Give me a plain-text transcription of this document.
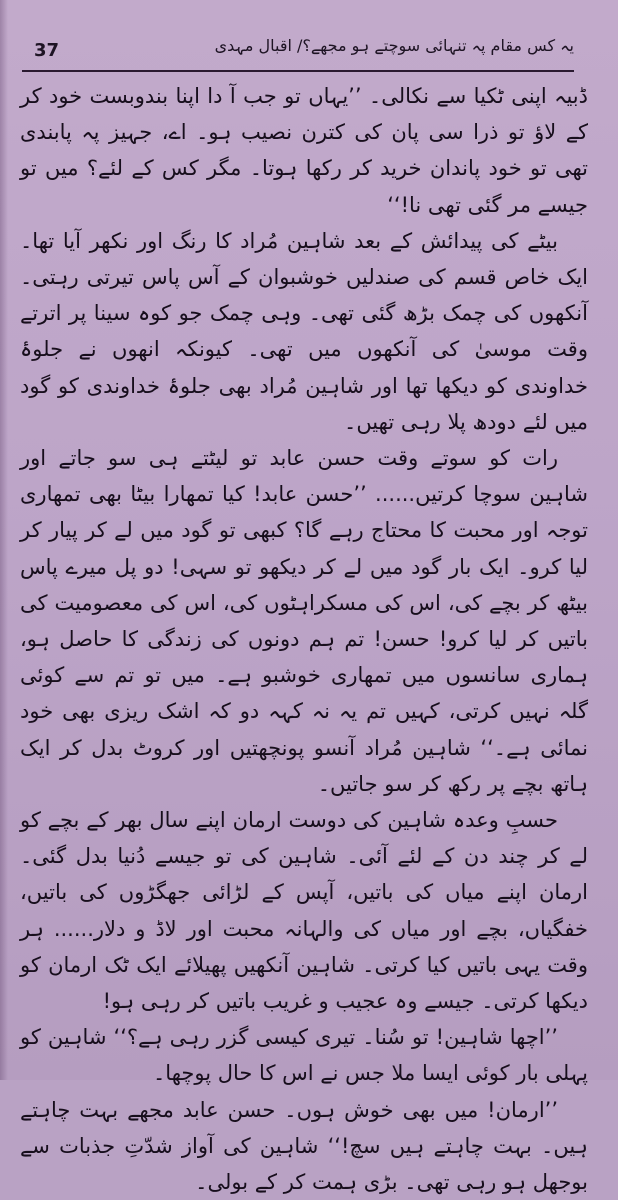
37	یہ کس مقام پہ تنہائی سوچتے ہو مجھے؟/ اقبال مہدی

ڈبیہ اپنی ٹکیا سے نکالی۔ ’’یہاں تو جب آ دا اپنا بندوبست خود کر کے لاؤ تو ذرا سی پان کی کترن نصیب ہو۔ اے، جہیز پہ پابندی تھی تو خود پاندان خرید کر رکھا ہوتا۔ مگر کس کے لئے؟ میں تو جیسے مر گئی تھی نا!‘‘

بیٹے کی پیدائش کے بعد شاہین مُراد کا رنگ اور نکھر آیا تھا۔ ایک خاص قسم کی صندلیں خوشبوان کے آس پاس تیرتی رہتی۔ آنکھوں کی چمک بڑھ گئی تھی۔ وہی چمک جو کوہ سینا پر اترتے وقت موسیٰ کی آنکھوں میں تھی۔ کیونکہ انھوں نے جلوۂ خداوندی کو دیکھا تھا اور شاہین مُراد بھی جلوۂ خداوندی کو گود میں لئے دودھ پلا رہی تھیں۔

رات کو سوتے وقت حسن عابد تو لیٹتے ہی سو جاتے اور شاہین سوچا کرتیں...... ’’حسن عابد! کیا تمھارا بیٹا بھی تمھاری توجہ اور محبت کا محتاج رہے گا؟ کبھی تو گود میں لے کر پیار کر لیا کرو۔ ایک بار گود میں لے کر دیکھو تو سہی! دو پل میرے پاس بیٹھ کر بچے کی، اس کی مسکراہٹوں کی، اس کی معصومیت کی باتیں کر لیا کرو! حسن! تم ہم دونوں کی زندگی کا حاصل ہو، ہماری سانسوں میں تمھاری خوشبو ہے۔ میں تو تم سے کوئی گلہ نہیں کرتی، کہیں تم یہ نہ کہہ دو کہ اشک ریزی بھی خود نمائی ہے۔‘‘ شاہین مُراد آنسو پونچھتیں اور کروٹ بدل کر ایک ہاتھ بچے پر رکھ کر سو جاتیں۔

حسبِ وعدہ شاہین کی دوست ارمان اپنے سال بھر کے بچے کو لے کر چند دن کے لئے آئی۔ شاہین کی تو جیسے دُنیا بدل گئی۔ ارمان اپنے میاں کی باتیں، آپس کے لڑائی جھگڑوں کی باتیں، خفگیاں، بچے اور میاں کی والہانہ محبت اور لاڈ و دلار...... ہر وقت یہی باتیں کیا کرتی۔ شاہین آنکھیں پھیلائے ایک ٹک ارمان کو دیکھا کرتی۔ جیسے وہ عجیب و غریب باتیں کر رہی ہو!

’’اچھا شاہین! تو سُنا۔ تیری کیسی گزر رہی ہے؟‘‘ شاہین کو پہلی بار کوئی ایسا ملا جس نے اس کا حال پوچھا۔

’’ارمان! میں بھی خوش ہوں۔ حسن عابد مجھے بہت چاہتے ہیں۔ بہت چاہتے ہیں سچ!‘‘ شاہین کی آواز شدّتِ جذبات سے بوجھل ہو رہی تھی۔ بڑی ہمت کر کے بولی۔
